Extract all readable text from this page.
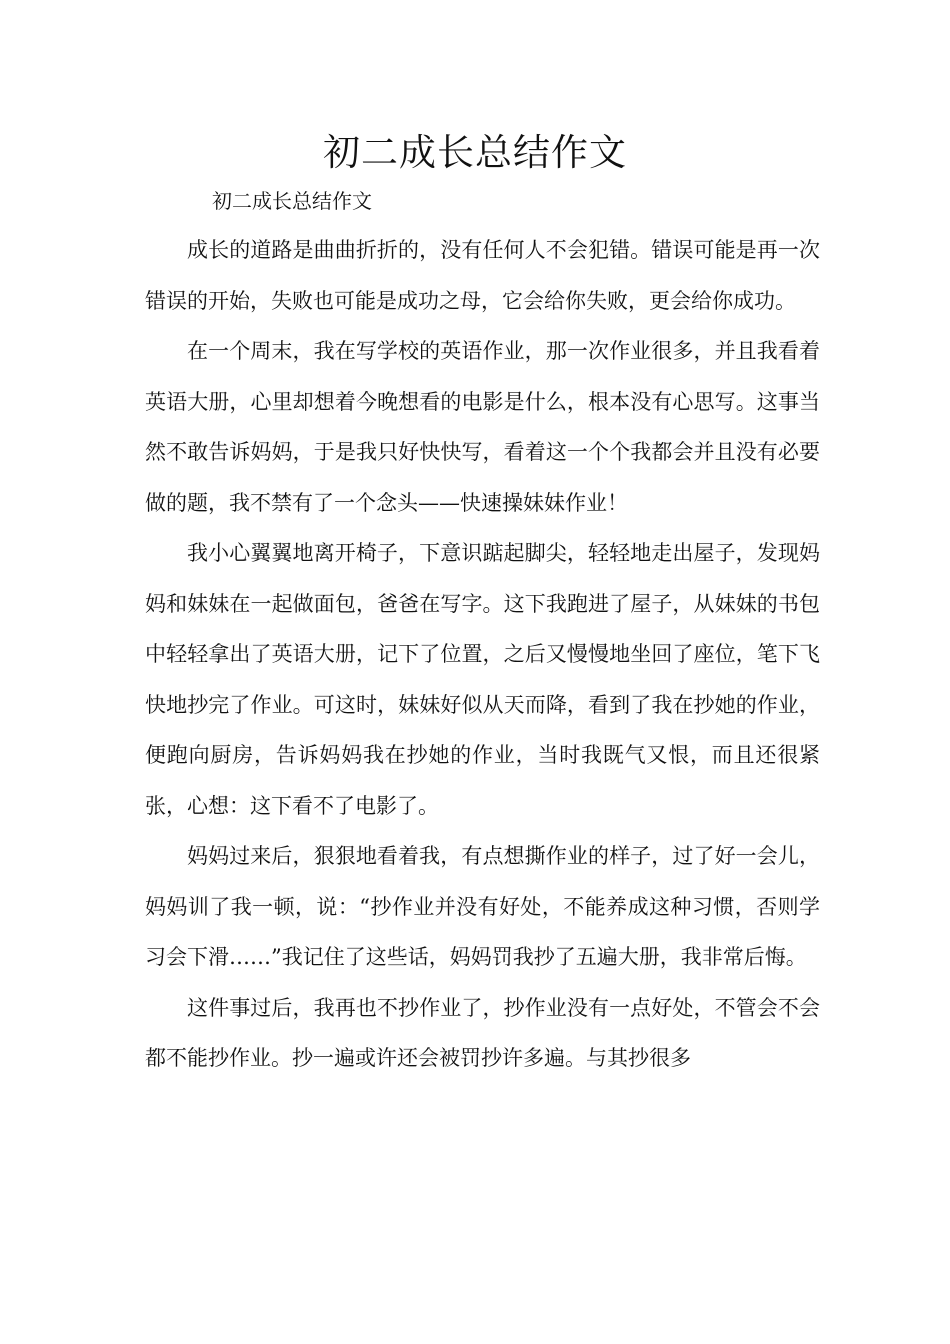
初二成长总结作文
初二成长总结作文

成长的道路是曲曲折折的，没有任何人不会犯错。错误可能是再一次错误的开始，失败也可能是成功之母，它会给你失败，更会给你成功。

在一个周末，我在写学校的英语作业，那一次作业很多，并且我看着英语大册，心里却想着今晚想看的电影是什么，根本没有心思写。这事当然不敢告诉妈妈，于是我只好快快写，看着这一个个我都会并且没有必要做的题，我不禁有了一个念头——快速操妹妹作业！

我小心翼翼地离开椅子，下意识踮起脚尖，轻轻地走出屋子，发现妈妈和妹妹在一起做面包，爸爸在写字。这下我跑进了屋子，从妹妹的书包中轻轻拿出了英语大册，记下了位置，之后又慢慢地坐回了座位，笔下飞快地抄完了作业。可这时，妹妹好似从天而降，看到了我在抄她的作业，便跑向厨房，告诉妈妈我在抄她的作业，当时我既气又恨，而且还很紧张，心想：这下看不了电影了。

妈妈过来后，狠狠地看着我，有点想撕作业的样子，过了好一会儿，妈妈训了我一顿，说：“抄作业并没有好处，不能养成这种习惯，否则学习会下滑……”我记住了这些话，妈妈罚我抄了五遍大册，我非常后悔。

这件事过后，我再也不抄作业了，抄作业没有一点好处，不管会不会都不能抄作业。抄一遍或许还会被罚抄许多遍。与其抄很多
